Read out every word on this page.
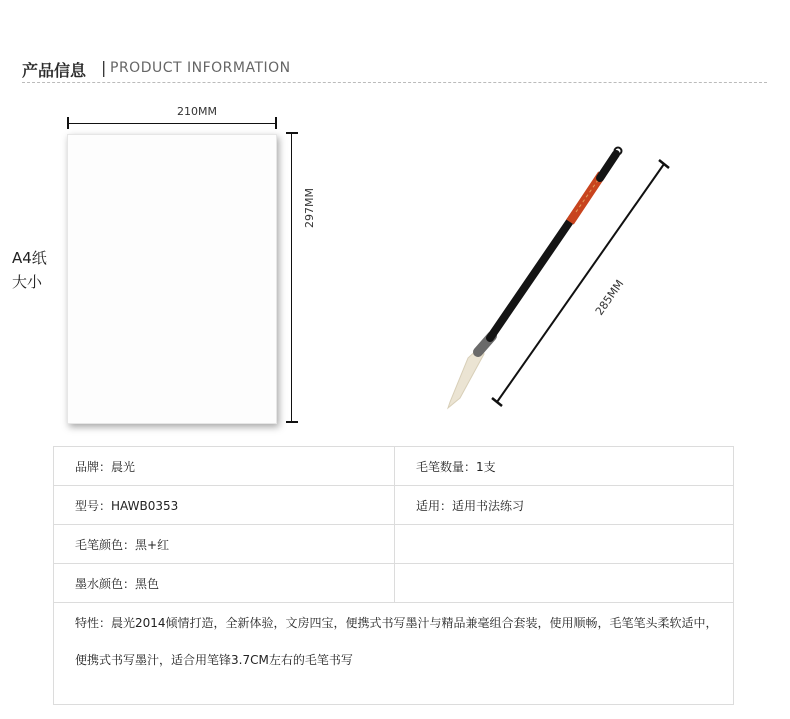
产品信息 | PRODUCT INFORMATION
A4纸
大小
210MM
297MM
285MM
品牌：晨光	毛笔数量：1支
型号：HAWB0353	适用：适用书法练习
毛笔颜色：黑+红	
墨水颜色：黑色	

特性：晨光2014倾情打造，全新体验，文房四宝，便携式书写墨汁与精品兼毫组合套装，使用顺畅，毛笔笔头柔软适中，
便携式书写墨汁，适合用笔锋3.7CM左右的毛笔书写	
